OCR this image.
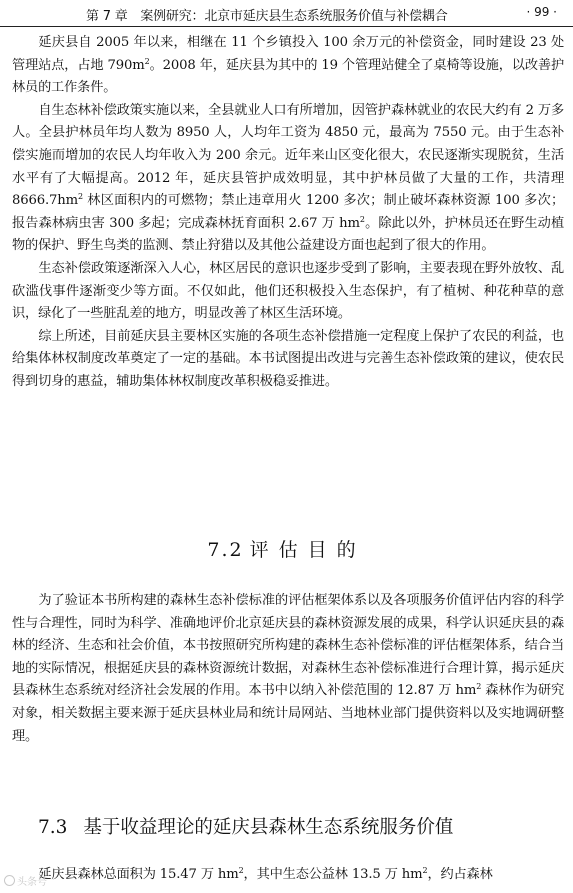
第 7 章　案例研究：北京市延庆县生态系统服务价值与补偿耦合	· 99 ·

延庆县自 2005 年以来，相继在 11 个乡镇投入 100 余万元的补偿资金，同时建设 23 处管理站点，占地 $790m^2$。2008 年，延庆县为其中的 19 个管理站健全了桌椅等设施，以改善护林员的工作条件。

自生态林补偿政策实施以来，全县就业人口有所增加，因管护森林就业的农民大约有 2 万多人。全县护林员年均人数为 8950 人，人均年工资为 4850 元，最高为 7550 元。由于生态补偿实施而增加的农民人均年收入为 200 余元。近年来山区变化很大，农民逐渐实现脱贫，生活水平有了大幅提高。2012 年，延庆县管护成效明显，其中护林员做了大量的工作，共清理 $8666.7hm^2$ 林区面积内的可燃物；禁止违章用火 1200 多次；制止破坏森林资源 100 多次；报告森林病虫害 300 多起；完成森林抚育面积 2.67 万 $hm^2$。除此以外，护林员还在野生动植物的保护、野生鸟类的监测、禁止狩猎以及其他公益建设方面也起到了很大的作用。

生态补偿政策逐渐深入人心，林区居民的意识也逐步受到了影响，主要表现在野外放牧、乱砍滥伐事件逐渐变少等方面。不仅如此，他们还积极投入生态保护，有了植树、种花种草的意识，绿化了一些脏乱差的地方，明显改善了林区生活环境。

综上所述，目前延庆县主要林区实施的各项生态补偿措施一定程度上保护了农民的利益，也给集体林权制度改革奠定了一定的基础。本书试图提出改进与完善生态补偿政策的建议，使农民得到切身的惠益，辅助集体林权制度改革积极稳妥推进。

7.2 评估目的

为了验证本书所构建的森林生态补偿标准的评估框架体系以及各项服务价值评估内容的科学性与合理性，同时为科学、准确地评价北京延庆县的森林资源发展的成果，科学认识延庆县的森林的经济、生态和社会价值，本书按照研究所构建的森林生态补偿标准的评估框架体系，结合当地的实际情况，根据延庆县的森林资源统计数据，对森林生态补偿标准进行合理计算，揭示延庆县森林生态系统对经济社会发展的作用。本书中以纳入补偿范围的 12.87 万 $hm^2$ 森林作为研究对象，相关数据主要来源于延庆县林业局和统计局网站、当地林业部门提供资料以及实地调研整理。

7.3 基于收益理论的延庆县森林生态系统服务价值

延庆县森林总面积为 15.47 万 $hm^2$，其中生态公益林 13.5 万 $hm^2$，约占森林

头条号
